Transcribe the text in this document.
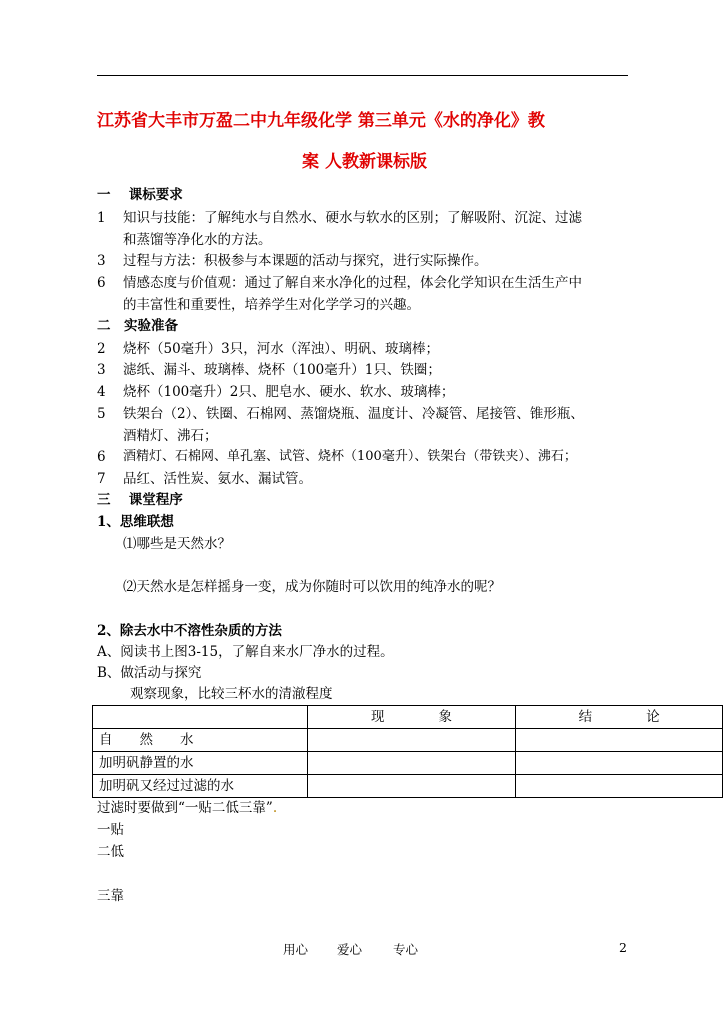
江苏省大丰市万盈二中九年级化学 第三单元《水的净化》教
案 人教新课标版
一　 课标要求
1 知识与技能：了解纯水与自然水、硬水与软水的区别；了解吸附、沉淀、过滤
和蒸馏等净化水的方法。
3 过程与方法：积极参与本课题的活动与探究，进行实际操作。
6 情感态度与价值观：通过了解自来水净化的过程，体会化学知识在生活生产中
的丰富性和重要性，培养学生对化学学习的兴趣。
二　实验准备
2 烧杯（50毫升）3只，河水（浑浊）、明矾、玻璃棒；
3 滤纸、漏斗、玻璃棒、烧杯（100毫升）1只、铁圈；
4 烧杯（100毫升）2只、肥皂水、硬水、软水、玻璃棒；
5 铁架台（2）、铁圈、石棉网、蒸馏烧瓶、温度计、冷凝管、尾接管、锥形瓶、
酒精灯、沸石；
6 酒精灯、石棉网、单孔塞、试管、烧杯（100毫升）、铁架台（带铁夹）、沸石；
7 品红、活性炭、氨水、漏试管。
三　 课堂程序
1、思维联想
⑴哪些是天然水？
⑵天然水是怎样摇身一变，成为你随时可以饮用的纯净水的呢？
2、除去水中不溶性杂质的方法
A、阅读书上图3-15，了解自来水厂净水的过程。
B、做活动与探究
观察现象，比较三杯水的清澈程度
	现　　　　象	结　　　　论
自　　然　　水		
加明矾静置的水		
加明矾又经过过滤的水		
过滤时要做到“一贴二低三靠”.
一贴
二低
三靠
用心 爱心 专心	2
